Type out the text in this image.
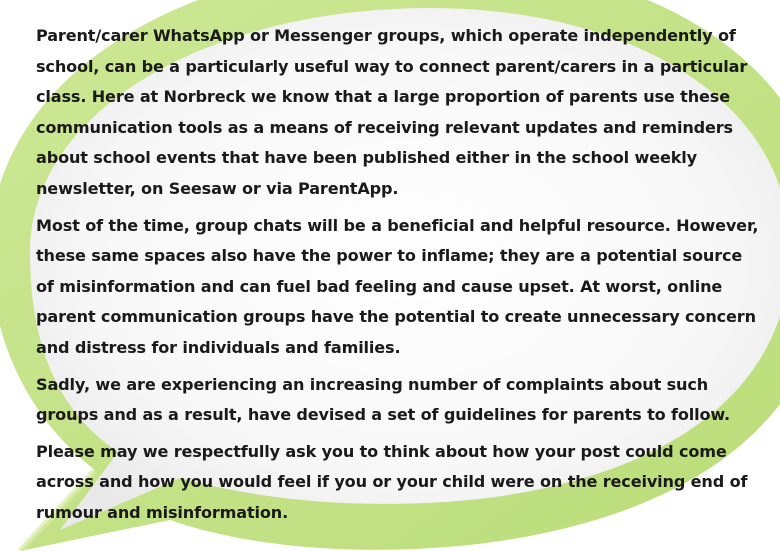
Parent/carer WhatsApp or Messenger groups, which operate independently of school, can be a particularly useful way to connect parent/carers in a particular class. Here at Norbreck we know that a large proportion of parents use these communication tools as a means of receiving relevant updates and reminders about school events that have been published either in the school weekly newsletter, on Seesaw or via ParentApp.

Most of the time, group chats will be a beneficial and helpful resource. However, these same spaces also have the power to inflame; they are a potential source of misinformation and can fuel bad feeling and cause upset. At worst, online parent communication groups have the potential to create unnecessary concern and distress for individuals and families.

Sadly, we are experiencing an increasing number of complaints about such groups and as a result, have devised a set of guidelines for parents to follow.

Please may we respectfully ask you to think about how your post could come across and how you would feel if you or your child were on the receiving end of rumour and misinformation.
